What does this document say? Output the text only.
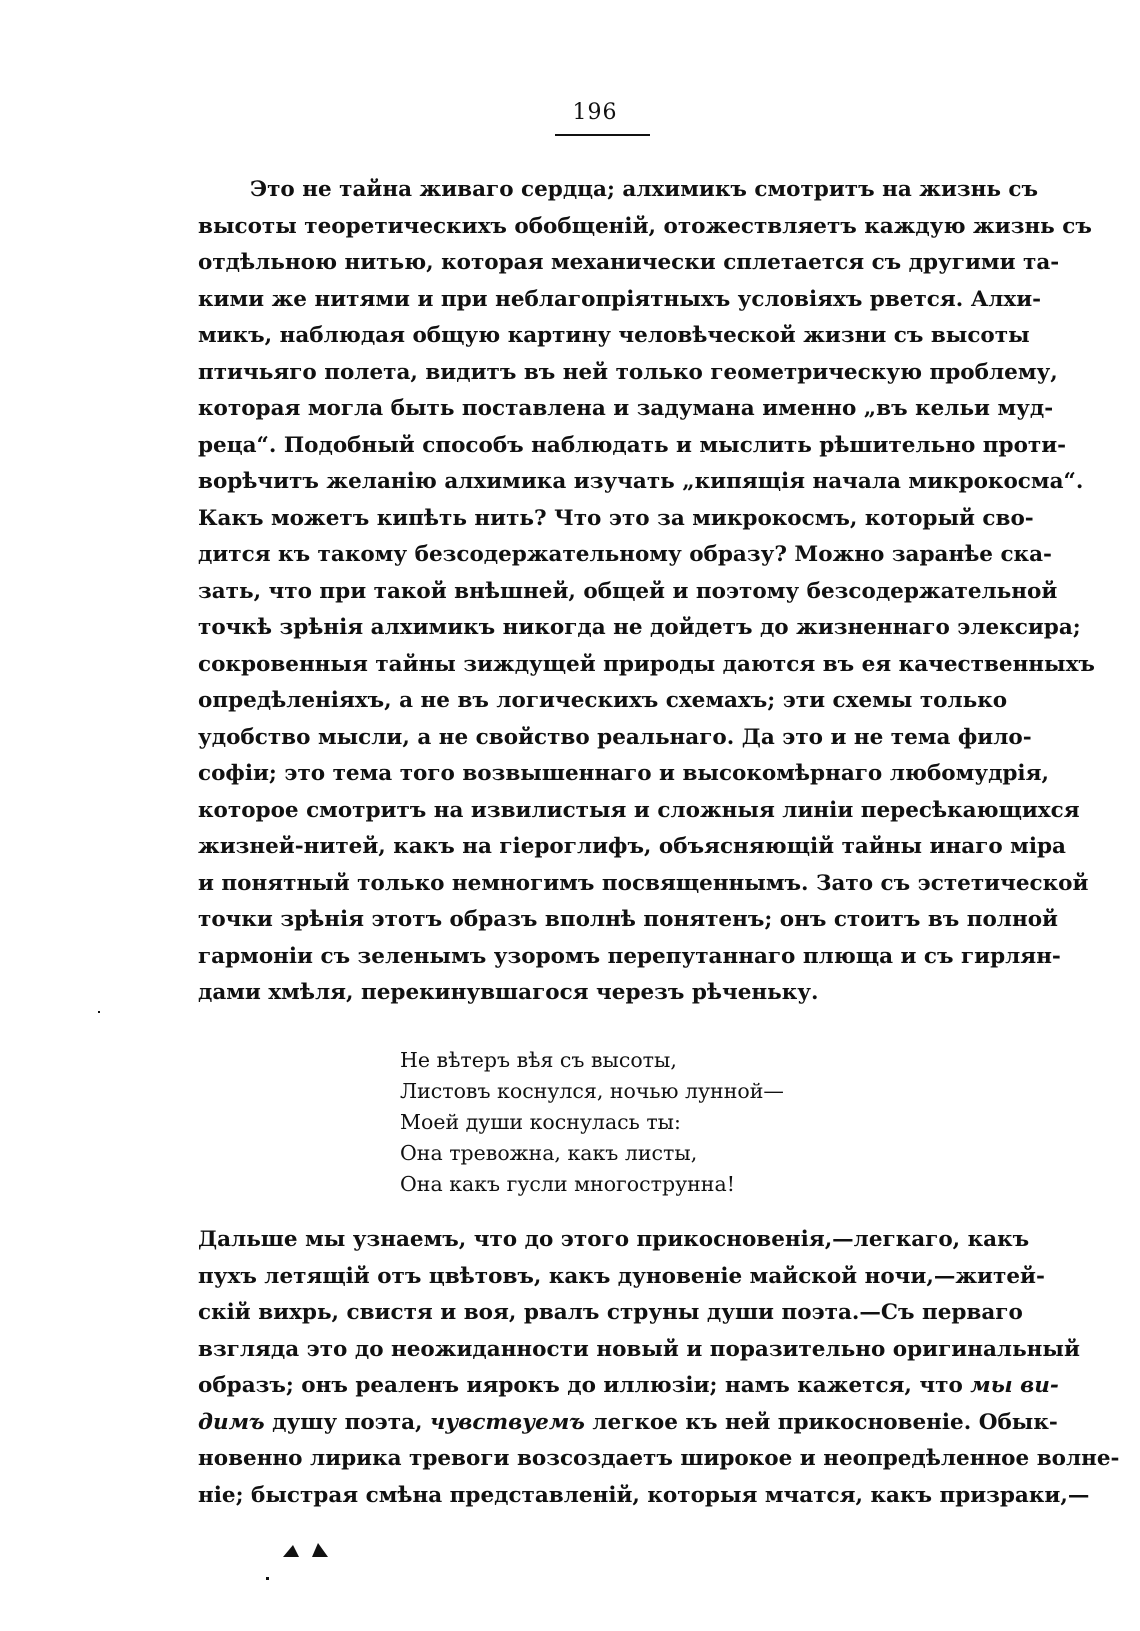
196
Это не тайна живаго сердца; алхимикъ смотритъ на жизнь съ
высоты теоретическихъ обобщеній, отожествляетъ каждую жизнь съ
отдѣльною нитью, которая механически сплетается съ другими та-
кими же нитями и при неблагопріятныхъ условіяхъ рвется. Алхи-
микъ, наблюдая общую картину человѣческой жизни съ высоты
птичьяго полета, видитъ въ ней только геометрическую проблему,
которая могла быть поставлена и задумана именно „въ кельи муд-
реца“. Подобный способъ наблюдать и мыслить рѣшительно проти-
ворѣчитъ желанію алхимика изучать „кипящія начала микрокосма“.
Какъ можетъ кипѣть нить? Что это за микрокосмъ, который сво-
дится къ такому безсодержательному образу? Можно заранѣе ска-
зать, что при такой внѣшней, общей и поэтому безсодержательной
точкѣ зрѣнія алхимикъ никогда не дойдетъ до жизненнаго элексира;
сокровенныя тайны зиждущей природы даются въ ея качественныхъ
опредѣленіяхъ, а не въ логическихъ схемахъ; эти схемы только
удобство мысли, а не свойство реальнаго. Да это и не тема фило-
софіи; это тема того возвышеннаго и высокомѣрнаго любомудрія,
которое смотритъ на извилистыя и сложныя линіи пересѣкающихся
жизней-нитей, какъ на гіероглифъ, объясняющій тайны инаго міра
и понятный только немногимъ посвященнымъ. Зато съ эстетической
точки зрѣнія этотъ образъ вполнѣ понятенъ; онъ стоитъ въ полной
гармоніи съ зеленымъ узоромъ перепутаннаго плюща и съ гирлян-
дами хмѣля, перекинувшагося черезъ рѣченьку.
Не вѣтеръ вѣя съ высоты,
Листовъ коснулся, ночью лунной—
Моей души коснулась ты:
Она тревожна, какъ листы,
Она какъ гусли многострунна!
Дальше мы узнаемъ, что до этого прикосновенія,—легкаго, какъ
пухъ летящій отъ цвѣтовъ, какъ дуновеніе майской ночи,—житей-
скій вихрь, свистя и воя, рвалъ струны души поэта.—Съ перваго
взгляда это до неожиданности новый и поразительно оригинальный
образъ; онъ реаленъ иярокъ до иллюзіи; намъ кажется, что мы ви-
димъ душу поэта, чувствуемъ легкое къ ней прикосновеніе. Обык-
новенно лирика тревоги возсоздаетъ широкое и неопредѣленное волне-
ніе; быстрая смѣна представленій, которыя мчатся, какъ призраки,—
